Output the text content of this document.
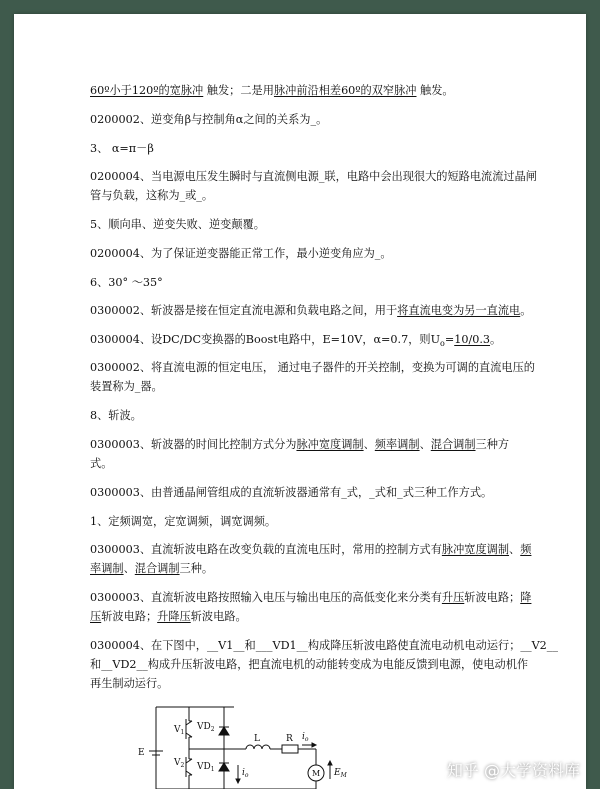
60º小于120º的宽脉冲 触发；二是用脉冲前沿相差60º的双窄脉冲 触发。
0200002、逆变角β与控制角α之间的关系为_。
3、 α=π－β
0200004、当电源电压发生瞬时与直流侧电源_联，电路中会出现很大的短路电流流过晶闸
管与负载，这称为_或_。
5、顺向串、逆变失败、逆变颠覆。
0200004、为了保证逆变器能正常工作，最小逆变角应为_。
6、30° ～35°
0300002、斩波器是接在恒定直流电源和负载电路之间，用于将直流电变为另一直流电。
0300004、设DC/DC变换器的Boost电路中，E=10V，α=0.7，则$U_o=10/0.3$。
0300002、将直流电源的恒定电压， 通过电子器件的开关控制，变换为可调的直流电压的
装置称为_器。
8、斩波。
0300003、斩波器的时间比控制方式分为脉冲宽度调制、频率调制、混合调制三种方
式。
0300003、由普通晶闸管组成的直流斩波器通常有_式，_式和_式三种工作方式。
1、定频调宽，定宽调频，调宽调频。
0300003、直流斩波电路在改变负载的直流电压时，常用的控制方式有脉冲宽度调制、频
率调制、混合调制三种。
0300003、直流斩波电路按照输入电压与输出电压的高低变化来分类有升压斩波电路；降
压斩波电路；升降压斩波电路。
0300004、在下图中，__V1__和___VD1__构成降压斩波电路使直流电动机电动运行；__V2__
和__VD2__构成升压斩波电路，把直流电机的动能转变成为电能反馈到电源，使电动机作
再生制动运行。
E
$V_1$
$VD_2$
$V_2$ $VD_1$
L	R $i_o$
$i_o$	M $E_M$	知乎 @大学资料库
